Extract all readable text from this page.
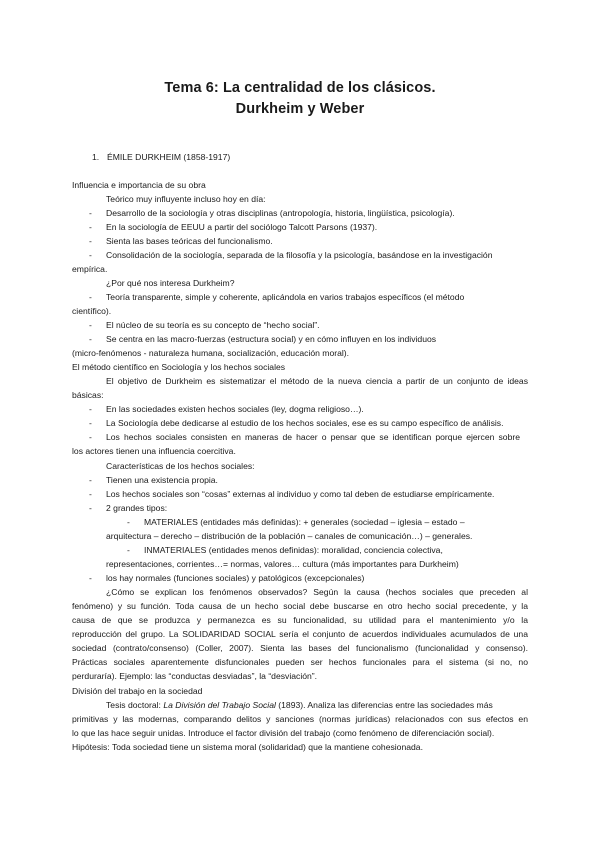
Tema 6: La centralidad de los clásicos.
Durkheim y Weber
1. ÉMILE DURKHEIM (1858-1917)
Influencia e importancia de su obra
Teórico muy influyente incluso hoy en día:
- Desarrollo de la sociología y otras disciplinas (antropología, historia, lingüística, psicología).
- En la sociología de EEUU a partir del sociólogo Talcott Parsons (1937).
- Sienta las bases teóricas del funcionalismo.
- Consolidación de la sociología, separada de la filosofía y la psicología, basándose en la investigación
empírica.
¿Por qué nos interesa Durkheim?
- Teoría transparente, simple y coherente, aplicándola en varios trabajos específicos (el método
científico).
- El núcleo de su teoría es su concepto de “hecho social”.
- Se centra en las macro-fuerzas (estructura social) y en cómo influyen en los individuos
(micro-fenómenos - naturaleza humana, socialización, educación moral).
El método científico en Sociología y los hechos sociales
El objetivo de Durkheim es sistematizar el método de la nueva ciencia a partir de un conjunto de ideas
básicas:
- En las sociedades existen hechos sociales (ley, dogma religioso…).
- La Sociología debe dedicarse al estudio de los hechos sociales, ese es su campo específico de análisis.
- Los hechos sociales consisten en maneras de hacer o pensar que se identifican porque ejercen sobre
los actores tienen una influencia coercitiva.
Características de los hechos sociales:
- Tienen una existencia propia.
- Los hechos sociales son “cosas” externas al individuo y como tal deben de estudiarse empíricamente.
- 2 grandes tipos:
- MATERIALES (entidades más definidas): + generales (sociedad – iglesia – estado –
arquitectura – derecho – distribución de la población – canales de comunicación…) – generales.
- INMATERIALES (entidades menos definidas): moralidad, conciencia colectiva,
representaciones, corrientes…= normas, valores… cultura (más importantes para Durkheim)
- los hay normales (funciones sociales) y patológicos (excepcionales)
¿Cómo se explican los fenómenos observados? Según la causa (hechos sociales que preceden al
fenómeno) y su función. Toda causa de un hecho social debe buscarse en otro hecho social precedente, y la
causa de que se produzca y permanezca es su funcionalidad, su utilidad para el mantenimiento y/o la
reproducción del grupo. La SOLIDARIDAD SOCIAL sería el conjunto de acuerdos individuales acumulados de una
sociedad (contrato/consenso) (Coller, 2007). Sienta las bases del funcionalismo (funcionalidad y consenso).
Prácticas sociales aparentemente disfuncionales pueden ser hechos funcionales para el sistema (si no, no
perduraría). Ejemplo: las “conductas desviadas”, la “desviación”.
División del trabajo en la sociedad
Tesis doctoral: La División del Trabajo Social (1893). Analiza las diferencias entre las sociedades más
primitivas y las modernas, comparando delitos y sanciones (normas jurídicas) relacionados con sus efectos en
lo que las hace seguir unidas. Introduce el factor división del trabajo (como fenómeno de diferenciación social).
Hipótesis: Toda sociedad tiene un sistema moral (solidaridad) que la mantiene cohesionada.
